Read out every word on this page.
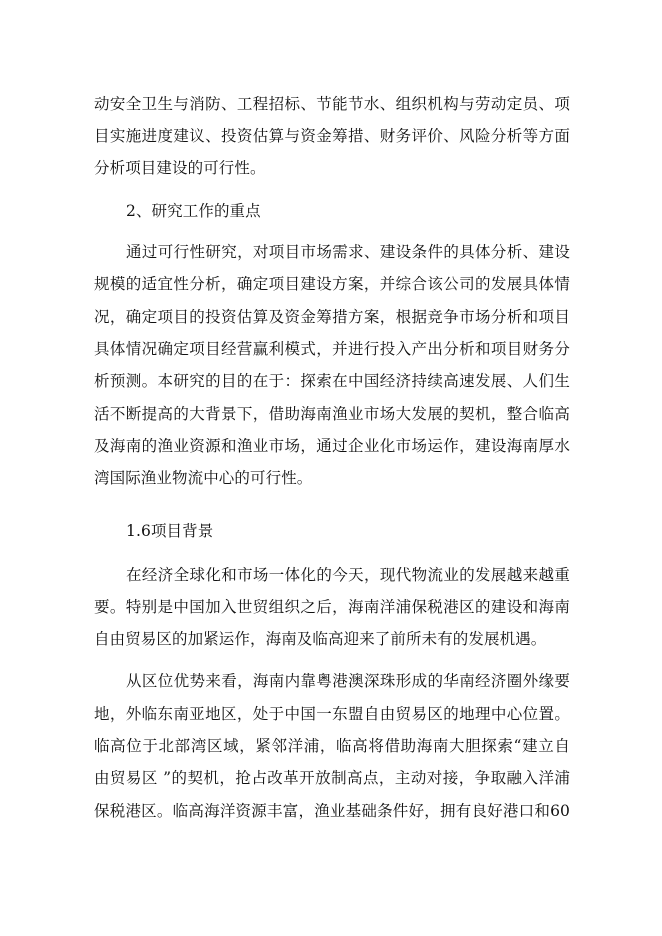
动安全卫生与消防、工程招标、节能节水、组织机构与劳动定员、项
目实施进度建议、投资估算与资金筹措、财务评价、风险分析等方面
分析项目建设的可行性。
2、研究工作的重点
通过可行性研究，对项目市场需求、建设条件的具体分析、建设
规模的适宜性分析，确定项目建设方案，并综合该公司的发展具体情
况，确定项目的投资估算及资金筹措方案，根据竞争市场分析和项目
具体情况确定项目经营赢利模式，并进行投入产出分析和项目财务分
析预测。本研究的目的在于：探索在中国经济持续高速发展、人们生
活不断提高的大背景下，借助海南渔业市场大发展的契机，整合临高
及海南的渔业资源和渔业市场，通过企业化市场运作，建设海南厚水
湾国际渔业物流中心的可行性。
1.6项目背景
在经济全球化和市场一体化的今天，现代物流业的发展越来越重
要。特别是中国加入世贸组织之后，海南洋浦保税港区的建设和海南
自由贸易区的加紧运作，海南及临高迎来了前所未有的发展机遇。
从区位优势来看，海南内靠粤港澳深珠形成的华南经济圈外缘要
地，外临东南亚地区，处于中国一东盟自由贸易区的地理中心位置。
临高位于北部湾区域，紧邻洋浦，临高将借助海南大胆探索“建立自
由贸易区 ”的契机，抢占改革开放制高点，主动对接，争取融入洋浦
保税港区。临高海洋资源丰富，渔业基础条件好，拥有良好港口和60
